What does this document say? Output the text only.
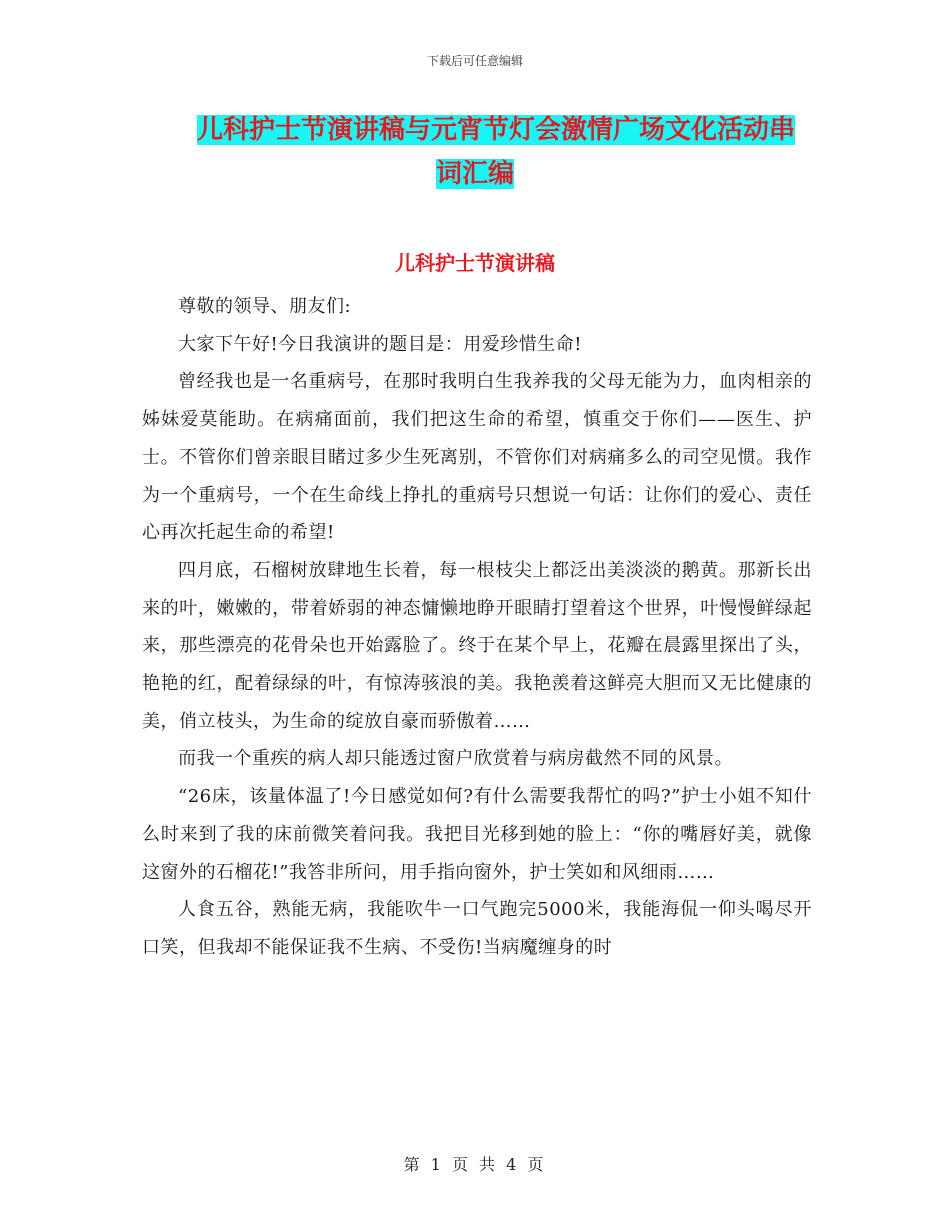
下载后可任意编辑
儿科护士节演讲稿与元宵节灯会激情广场文化活动串
词汇编
儿科护士节演讲稿

尊敬的领导、朋友们:

大家下午好!今日我演讲的题目是：用爱珍惜生命!

曾经我也是一名重病号，在那时我明白生我养我的父母无能为力，血肉相亲的姊妹爱莫能助。在病痛面前，我们把这生命的希望，慎重交于你们——医生、护士。不管你们曾亲眼目睹过多少生死离别，不管你们对病痛多么的司空见惯。我作为一个重病号，一个在生命线上挣扎的重病号只想说一句话：让你们的爱心、责任心再次托起生命的希望!

四月底，石榴树放肆地生长着，每一根枝尖上都泛出美淡淡的鹅黄。那新长出来的叶，嫩嫩的，带着娇弱的神态慵懒地睁开眼睛打望着这个世界，叶慢慢鲜绿起来，那些漂亮的花骨朵也开始露脸了。终于在某个早上，花瓣在晨露里探出了头，艳艳的红，配着绿绿的叶，有惊涛骇浪的美。我艳羡着这鲜亮大胆而又无比健康的美，俏立枝头，为生命的绽放自豪而骄傲着……

而我一个重疾的病人却只能透过窗户欣赏着与病房截然不同的风景。

“26床，该量体温了!今日感觉如何?有什么需要我帮忙的吗?”护士小姐不知什么时来到了我的床前微笑着问我。我把目光移到她的脸上：“你的嘴唇好美，就像这窗外的石榴花!”我答非所问，用手指向窗外，护士笑如和风细雨……

人食五谷，熟能无病，我能吹牛一口气跑完5000米，我能海侃一仰头喝尽开口笑，但我却不能保证我不生病、不受伤!当病魔缠身的时

第 1 页 共 4 页
